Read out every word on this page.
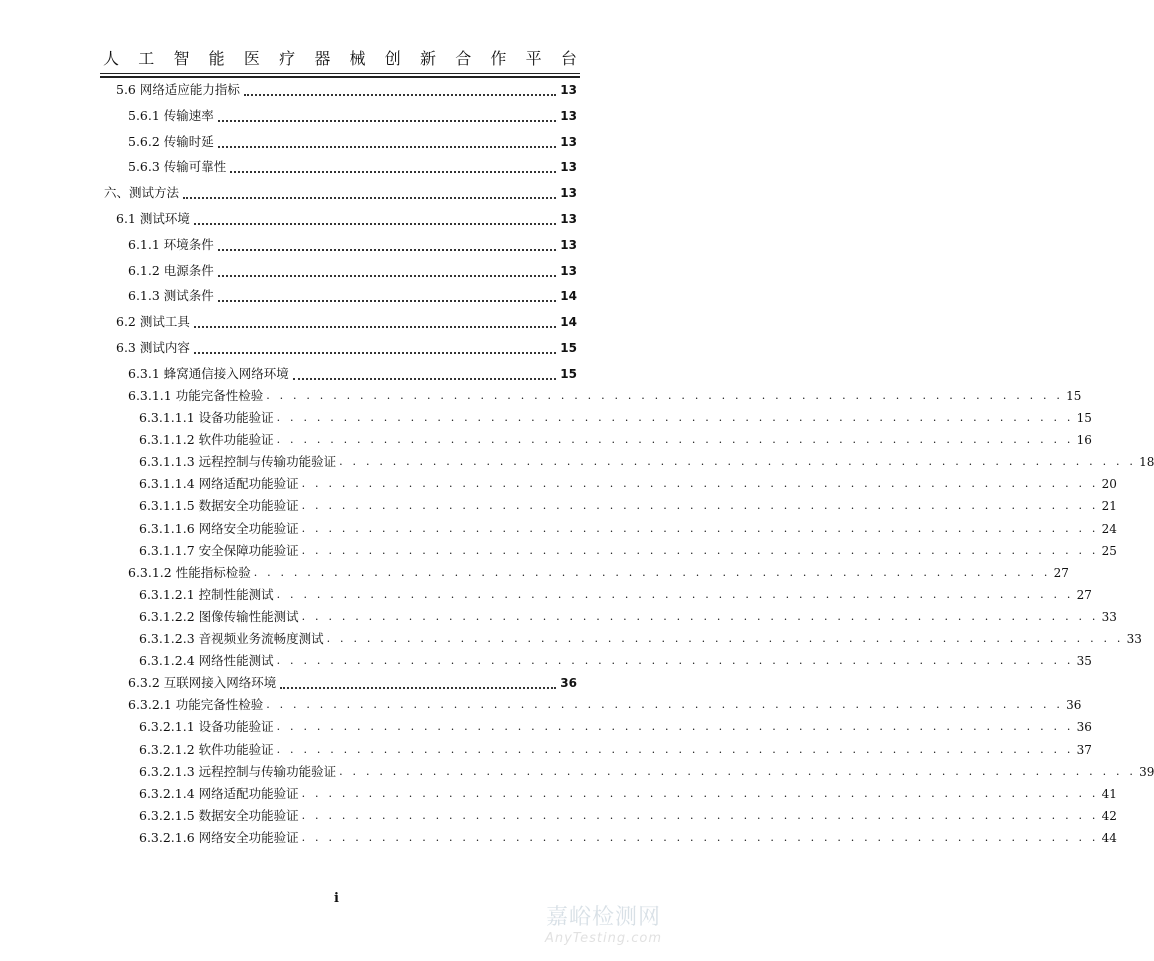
人 工 智 能 医 疗 器 械 创 新 合 作 平 台
5.6 网络适应能力指标	13
5.6.1 传输速率	13
5.6.2 传输时延	13
5.6.3 传输可靠性	13
六、测试方法	13
6.1 测试环境	13
6.1.1 环境条件	13
6.1.2 电源条件	13
6.1.3 测试条件	14
6.2 测试工具	14
6.3 测试内容	15
6.3.1 蜂窝通信接入网络环境	15
6.3.1.1 功能完备性检验 . . . . . . . . . . . . . . . . . . . . . . . . . . . . . . . . . . . . . . . . . . . . . . . . . . . . . . . . . . . . 15
6.3.1.1.1 设备功能验证 . . . . . . . . . . . . . . . . . . . . . . . . . . . . . . . . . . . . . . . . . . . . . . . . . . . . . . . . . . . . 15
6.3.1.1.2 软件功能验证 . . . . . . . . . . . . . . . . . . . . . . . . . . . . . . . . . . . . . . . . . . . . . . . . . . . . . . . . . . . . 16
6.3.1.1.3 远程控制与传输功能验证 . . . . . . . . . . . . . . . . . . . . . . . . . . . . . . . . . . . . . . . . . . . . . . . . . . . . . . . . . . . . 18
6.3.1.1.4 网络适配功能验证 . . . . . . . . . . . . . . . . . . . . . . . . . . . . . . . . . . . . . . . . . . . . . . . . . . . . . . . . . . . . 20
6.3.1.1.5 数据安全功能验证 . . . . . . . . . . . . . . . . . . . . . . . . . . . . . . . . . . . . . . . . . . . . . . . . . . . . . . . . . . . . 21
6.3.1.1.6 网络安全功能验证 . . . . . . . . . . . . . . . . . . . . . . . . . . . . . . . . . . . . . . . . . . . . . . . . . . . . . . . . . . . . 24
6.3.1.1.7 安全保障功能验证 . . . . . . . . . . . . . . . . . . . . . . . . . . . . . . . . . . . . . . . . . . . . . . . . . . . . . . . . . . . . 25
6.3.1.2 性能指标检验 . . . . . . . . . . . . . . . . . . . . . . . . . . . . . . . . . . . . . . . . . . . . . . . . . . . . . . . . . . . . 27
6.3.1.2.1 控制性能测试 . . . . . . . . . . . . . . . . . . . . . . . . . . . . . . . . . . . . . . . . . . . . . . . . . . . . . . . . . . . . 27
6.3.1.2.2 图像传输性能测试 . . . . . . . . . . . . . . . . . . . . . . . . . . . . . . . . . . . . . . . . . . . . . . . . . . . . . . . . . . . . 33
6.3.1.2.3 音视频业务流畅度测试 . . . . . . . . . . . . . . . . . . . . . . . . . . . . . . . . . . . . . . . . . . . . . . . . . . . . . . . . . . . . 33
6.3.1.2.4 网络性能测试 . . . . . . . . . . . . . . . . . . . . . . . . . . . . . . . . . . . . . . . . . . . . . . . . . . . . . . . . . . . . 35
6.3.2 互联网接入网络环境	36
6.3.2.1 功能完备性检验 . . . . . . . . . . . . . . . . . . . . . . . . . . . . . . . . . . . . . . . . . . . . . . . . . . . . . . . . . . . . 36
6.3.2.1.1 设备功能验证 . . . . . . . . . . . . . . . . . . . . . . . . . . . . . . . . . . . . . . . . . . . . . . . . . . . . . . . . . . . . 36
6.3.2.1.2 软件功能验证 . . . . . . . . . . . . . . . . . . . . . . . . . . . . . . . . . . . . . . . . . . . . . . . . . . . . . . . . . . . . 37
6.3.2.1.3 远程控制与传输功能验证 . . . . . . . . . . . . . . . . . . . . . . . . . . . . . . . . . . . . . . . . . . . . . . . . . . . . . . . . . . . . 39
6.3.2.1.4 网络适配功能验证 . . . . . . . . . . . . . . . . . . . . . . . . . . . . . . . . . . . . . . . . . . . . . . . . . . . . . . . . . . . . 41
6.3.2.1.5 数据安全功能验证 . . . . . . . . . . . . . . . . . . . . . . . . . . . . . . . . . . . . . . . . . . . . . . . . . . . . . . . . . . . . 42
6.3.2.1.6 网络安全功能验证 . . . . . . . . . . . . . . . . . . . . . . . . . . . . . . . . . . . . . . . . . . . . . . . . . . . . . . . . . . . . 44
i
嘉峪检测网
AnyTesting.com
